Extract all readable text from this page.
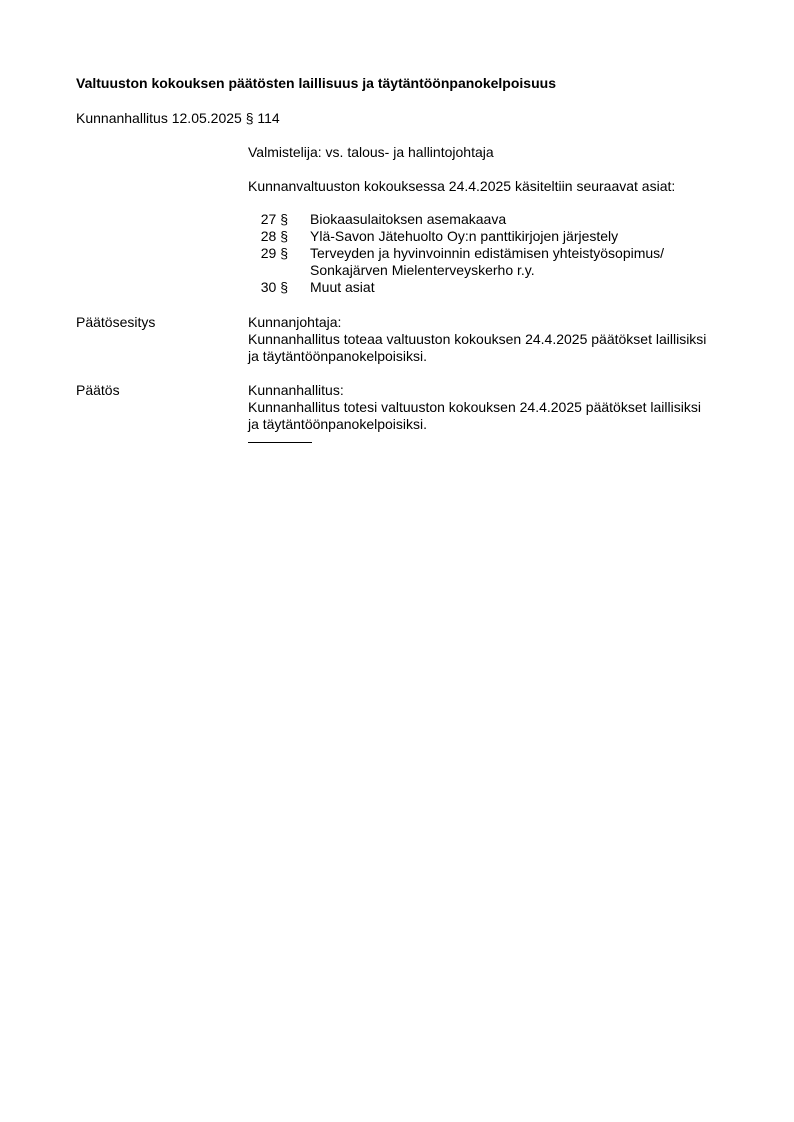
Valtuuston kokouksen päätösten laillisuus ja täytäntöönpanokelpoisuus
Kunnanhallitus 12.05.2025 § 114
Valmistelija: vs. talous- ja hallintojohtaja
Kunnanvaltuuston kokouksessa 24.4.2025 käsiteltiin seuraavat asiat:
27 § Biokaasulaitoksen asemakaava
28 § Ylä-Savon Jätehuolto Oy:n panttikirjojen järjestely
29 § Terveyden ja hyvinvoinnin edistämisen yhteistyösopimus/
Sonkajärven Mielenterveyskerho r.y.
30 § Muut asiat
Päätösesitys	Kunnanjohtaja:
Kunnanhallitus toteaa valtuuston kokouksen 24.4.2025 päätökset laillisiksi
ja täytäntöönpanokelpoisiksi.
Päätös	Kunnanhallitus:
Kunnanhallitus totesi valtuuston kokouksen 24.4.2025 päätökset laillisiksi
ja täytäntöönpanokelpoisiksi.
